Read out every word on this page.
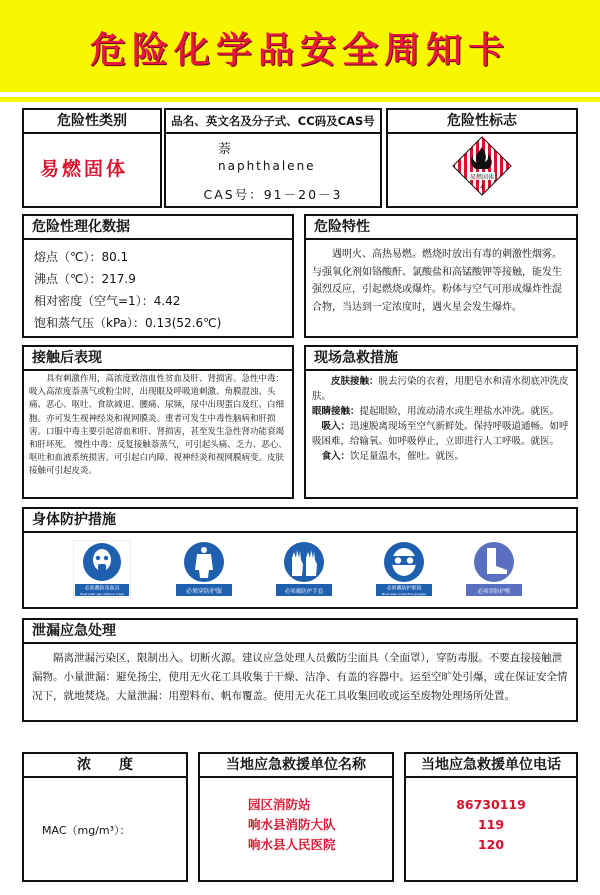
危险化学品安全周知卡
危险性类别
易燃固体
品名、英文名及分子式、CC码及CAS号
萘
naphthalene
CAS号：91－20－3
危险性标志
易燃固体
4
危险性理化数据
熔点（℃）：80.1
沸点（℃）：217.9
相对密度（空气=1）：4.42
饱和蒸气压（kPa）：0.13(52.6℃)
危险特性
遇明火、高热易燃。燃烧时放出有毒的刺激性烟雾。与强氧化剂如铬酸酐、氯酸盐和高锰酸钾等接触，能发生强烈反应，引起燃烧或爆炸。粉体与空气可形成爆炸性混合物，当达到一定浓度时，遇火星会发生爆炸。
接触后表现
具有刺激作用，高浓度致溶血性贫血及肝、肾损害。急性中毒：吸入高浓度萘蒸气或粉尘时，出现眼及呼吸道刺激、角膜混浊、头痛、恶心、呕吐、食欲减退、腰痛、尿频，尿中出现蛋白及红、白细胞。亦可发生视神经炎和视网膜炎。重者可发生中毒性脑病和肝损害。口服中毒主要引起溶血和肝、肾损害，甚至发生急性肾功能衰竭和肝坏死。 慢性中毒：反复接触萘蒸气，可引起头痛、乏力、恶心、呕吐和血液系统损害。可引起白内障、视神经炎和视网膜病变。皮肤接触可引起皮炎。
现场急救措施
皮肤接触：脱去污染的衣着，用肥皂水和清水彻底冲洗皮肤。
眼睛接触：提起眼睑，用流动清水或生理盐水冲洗。就医。
吸入：迅速脱离现场至空气新鲜处。保持呼吸道通畅。如呼吸困难，给输氧。如呼吸停止，立即进行人工呼吸。就医。
食入：饮足量温水，催吐。就医。
身体防护措施
必须戴防毒面具
Must wear gas defence mask	必须穿防护服	必须戴防护手套
必须戴防护眼镜
Must wear protective goggles	必须穿防护鞋
泄漏应急处理
隔离泄漏污染区，限制出入。切断火源。建议应急处理人员戴防尘面具（全面罩），穿防毒服。不要直接接触泄漏物。小量泄漏：避免扬尘，使用无火花工具收集于干燥、洁净、有盖的容器中。运至空旷处引爆，或在保证安全情况下，就地焚烧。大量泄漏：用塑料布、帆布覆盖。使用无火花工具收集回收或运至废物处理场所处置。
浓　　度
MAC（mg/m³）：
当地应急救援单位名称
园区消防站
响水县消防大队
响水县人民医院
当地应急救援单位电话
86730119
119
120
